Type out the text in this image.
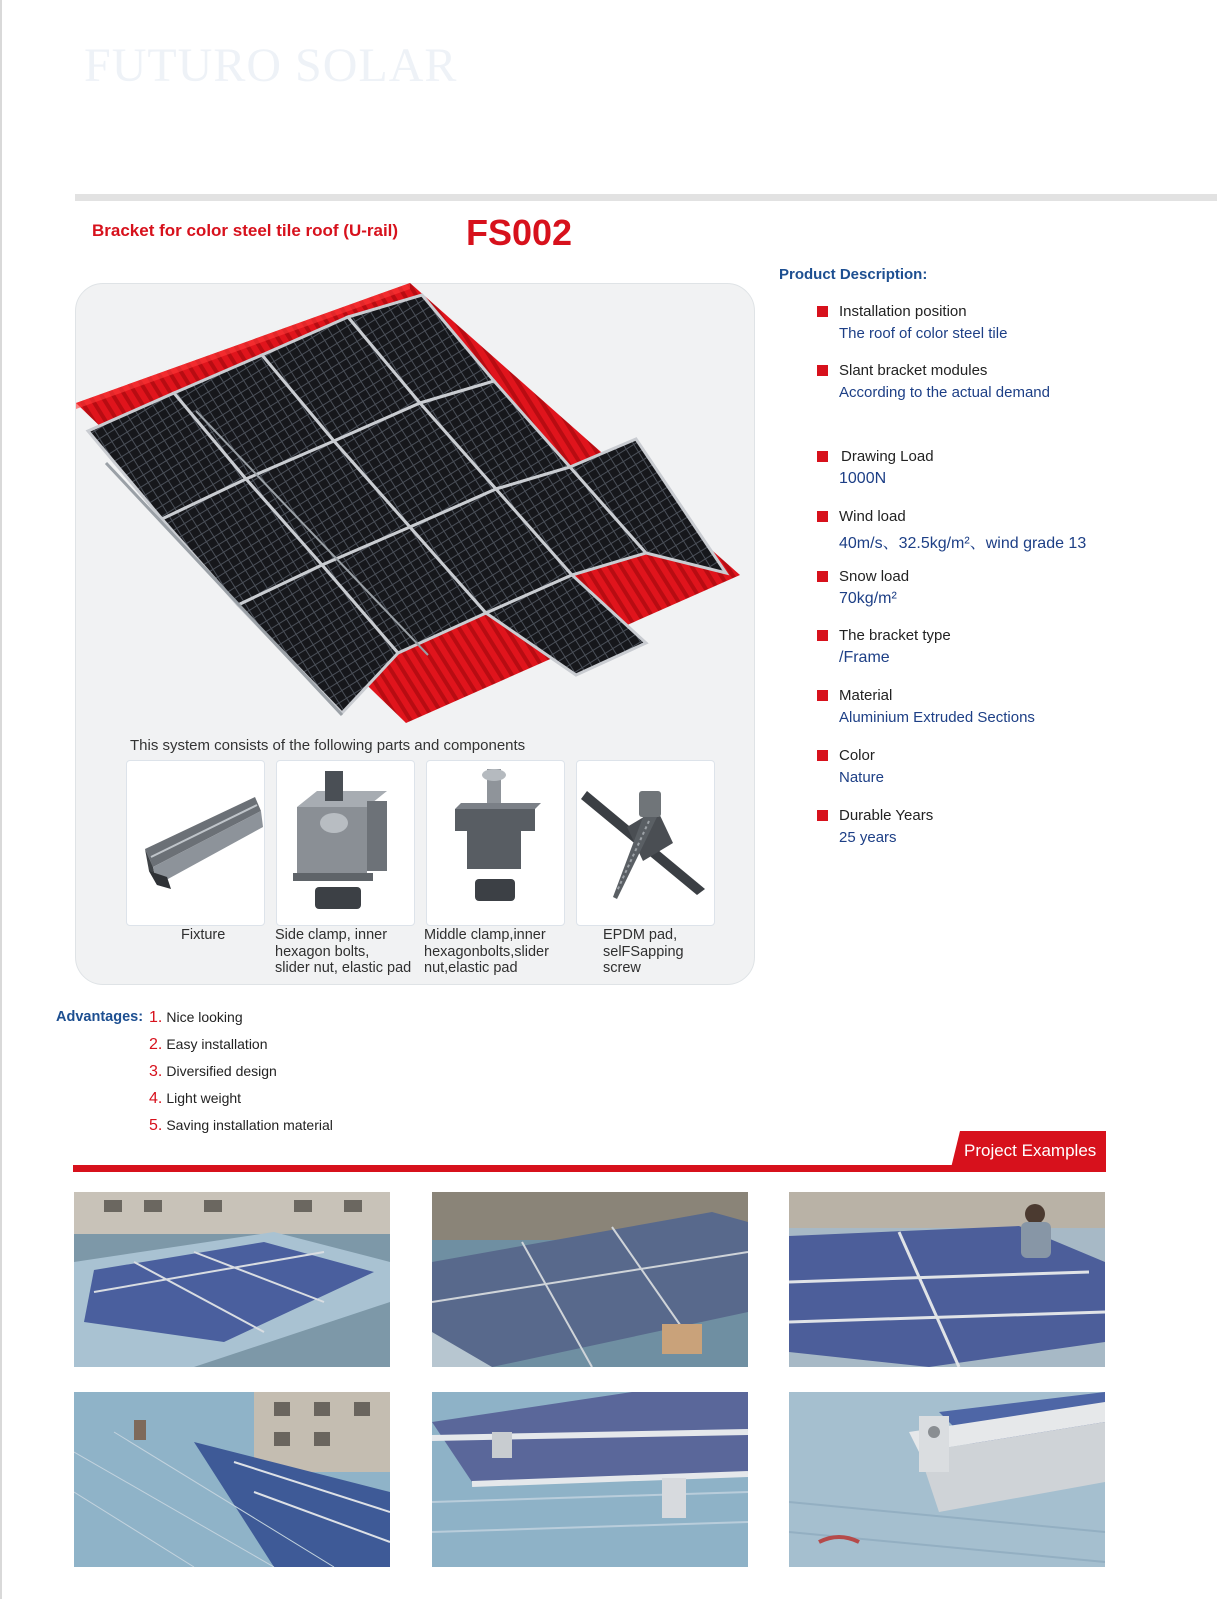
FUTURO SOLAR
Bracket for color steel tile roof (U-rail) FS002
This system consists of the following parts and components
Fixture	Side clamp, inner
hexagon bolts,
slider nut, elastic pad
Middle clamp,inner
hexagonbolts,slider
nut,elastic pad
EPDM pad,
selFSapping
screw
Product Description:
Installation position
The roof of color steel tile
Slant bracket modules
According to the actual demand
Drawing Load
1000N
Wind load
40m/s、32.5kg/m²、wind grade 13
Snow load
70kg/m²
The bracket type
/Frame
Material
Aluminium Extruded Sections
Color
Nature
Durable Years
25 years
Advantages: 1. Nice looking
2. Easy installation
3. Diversified design
4. Light weight
5. Saving installation material
Project Examples
